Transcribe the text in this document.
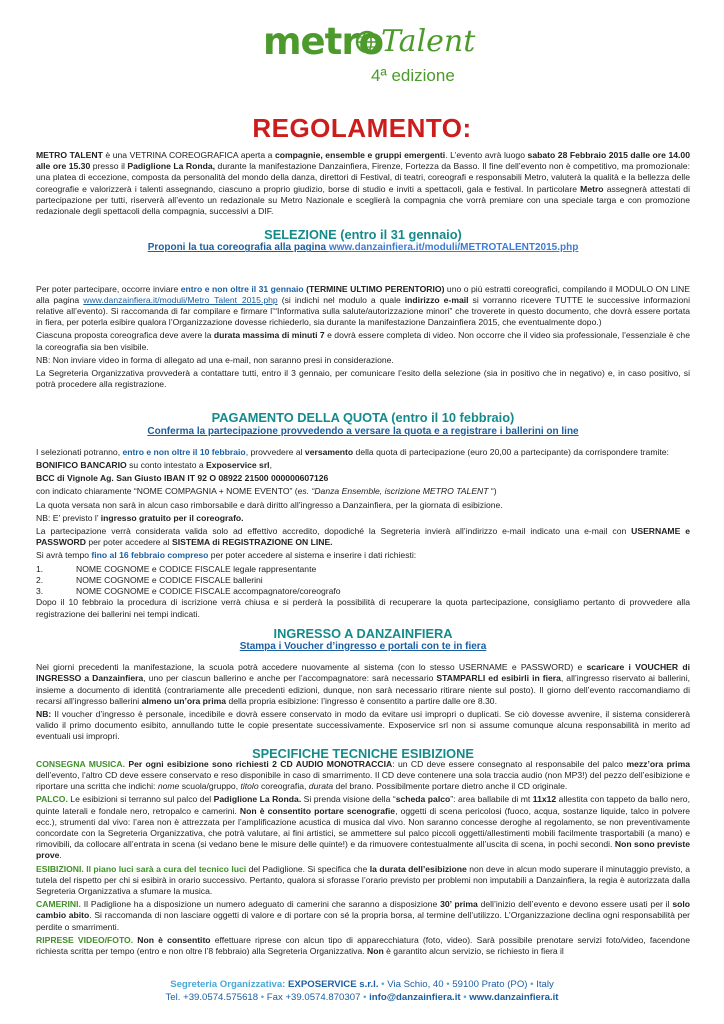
metro
Talent
4ª edizione
REGOLAMENTO:

METRO TALENT è una VETRINA COREOGRAFICA aperta a compagnie, ensemble e gruppi emergenti. L’evento avrà luogo sabato 28 Febbraio 2015 dalle ore 14.00 alle ore 15.30 presso il Padiglione La Ronda, durante la manifestazione Danzainfiera, Firenze, Fortezza da Basso. Il fine dell’evento non è competitivo, ma promozionale: una platea di eccezione, composta da personalità del mondo della danza, direttori di Festival, di teatri, coreografi e responsabili Metro, valuterà la qualità e la bellezza delle coreografie e valorizzerà i talenti assegnando, ciascuno a proprio giudizio, borse di studio e inviti a spettacoli, gala e festival. In particolare Metro assegnerà attestati di partecipazione per tutti, riserverà all’evento un redazionale su Metro Nazionale e sceglierà la compagnia che vorrà premiare con una speciale targa e con promozione redazionale degli spettacoli della compagnia, successivi a DIF.

SELEZIONE (entro il 31 gennaio)
Proponi la tua coreografia alla pagina www.danzainfiera.it/moduli/METROTALENT2015.php

Per poter partecipare, occorre inviare entro e non oltre il 31 gennaio (TERMINE ULTIMO PERENTORIO) uno o più estratti coreografici, compilando il MODULO ON LINE alla pagina www.danzainfiera.it/moduli/Metro_Talent_2015.php (si indichi nel modulo a quale indirizzo e-mail si vorranno ricevere TUTTE le successive informazioni relative all’evento). Si raccomanda di far compilare e firmare l’“Informativa sulla salute/autorizzazione minori” che troverete in questo documento, che dovrà essere portata in fiera, per poterla esibire qualora l’Organizzazione dovesse richiederlo, sia durante la manifestazione Danzainfiera 2015, che eventualmente dopo.)

Ciascuna proposta coreografica deve avere la durata massima di minuti 7 e dovrà essere completa di video. Non occorre che il video sia professionale, l’essenziale è che la coreografia sia ben visibile.

NB: Non inviare video in forma di allegato ad una e-mail, non saranno presi in considerazione.

La Segreteria Organizzativa provvederà a contattare tutti, entro il 3 gennaio, per comunicare l’esito della selezione (sia in positivo che in negativo) e, in caso positivo, si potrà procedere alla registrazione.

PAGAMENTO DELLA QUOTA (entro il 10 febbraio)
Conferma la partecipazione provvedendo a versare la quota e a registrare i ballerini on line

I selezionati potranno, entro e non oltre il 10 febbraio, provvedere al versamento della quota di partecipazione (euro 20,00 a partecipante) da corrispondere tramite:

BONIFICO BANCARIO su conto intestato a Exposervice srl,

BCC di Vignole Ag. San Giusto IBAN IT 92 O 08922 21500 000000607126

con indicato chiaramente “NOME COMPAGNIA + NOME EVENTO” (es. “Danza Ensemble, iscrizione METRO TALENT “)

La quota versata non sarà in alcun caso rimborsabile e darà diritto all’ingresso a Danzainfiera, per la giornata di esibizione.

NB: E’ previsto l’ ingresso gratuito per il coreografo.

La partecipazione verrà considerata valida solo ad effettivo accredito, dopodiché la Segreteria invierà all’indirizzo e-mail indicato una e-mail con USERNAME e PASSWORD per poter accedere al SISTEMA di REGISTRAZIONE ON LINE.

Si avrà tempo fino al 16 febbraio compreso per poter accedere al sistema e inserire i dati richiesti:

1.	NOME COGNOME e CODICE FISCALE legale rappresentante
2.	NOME COGNOME e CODICE FISCALE ballerini
3.	NOME COGNOME e CODICE FISCALE accompagnatore/coreografo

Dopo il 10 febbraio la procedura di iscrizione verrà chiusa e si perderà la possibilità di recuperare la quota partecipazione, consigliamo pertanto di provvedere alla registrazione dei ballerini nei tempi indicati.

INGRESSO A DANZAINFIERA
Stampa i Voucher d’ingresso e portali con te in fiera

Nei giorni precedenti la manifestazione, la scuola potrà accedere nuovamente al sistema (con lo stesso USERNAME e PASSWORD) e scaricare i VOUCHER di INGRESSO a Danzainfiera, uno per ciascun ballerino e anche per l’accompagnatore: sarà necessario STAMPARLI ed esibirli in fiera, all’ingresso riservato ai ballerini, insieme a documento di identità (contrariamente alle precedenti edizioni, dunque, non sarà necessario ritirare niente sul posto). Il giorno dell’evento raccomandiamo di recarsi all’ingresso ballerini almeno un’ora prima della propria esibizione: l’ingresso è consentito a partire dalle ore 8.30.

NB: Il voucher d’ingresso è personale, incedibile e dovrà essere conservato in modo da evitare usi impropri o duplicati. Se ciò dovesse avvenire, il sistema considererà valido il primo documento esibito, annullando tutte le copie presentate successivamente. Exposervice srl non si assume comunque alcuna responsabilità in merito ad eventuali usi impropri.

SPECIFICHE TECNICHE ESIBIZIONE

CONSEGNA MUSICA. Per ogni esibizione sono richiesti 2 CD AUDIO MONOTRACCIA: un CD deve essere consegnato al responsabile del palco mezz’ora prima dell’evento, l’altro CD deve essere conservato e reso disponibile in caso di smarrimento. Il CD deve contenere una sola traccia audio (non MP3!) del pezzo dell’esibizione e riportare una scritta che indichi: nome scuola/gruppo, titolo coreografia, durata del brano. Possibilmente portare dietro anche il CD originale.

PALCO. Le esibizioni si terranno sul palco del Padiglione La Ronda. Si prenda visione della “scheda palco”: area ballabile di mt 11x12 allestita con tappeto da ballo nero, quinte laterali e fondale nero, retropalco e camerini. Non è consentito portare scenografie, oggetti di scena pericolosi (fuoco, acqua, sostanze liquide, talco in polvere ecc.), strumenti dal vivo: l’area non è attrezzata per l’amplificazione acustica di musica dal vivo. Non saranno concesse deroghe al regolamento, se non preventivamente concordate con la Segreteria Organizzativa, che potrà valutare, ai fini artistici, se ammettere sul palco piccoli oggetti/allestimenti mobili facilmente trasportabili (a mano) e rimovibili, da collocare all’entrata in scena (si vedano bene le misure delle quinte!) e da rimuovere contestualmente all’uscita di scena, in pochi secondi. Non sono previste prove.

ESIBIZIONI. Il piano luci sarà a cura del tecnico luci del Padiglione. Si specifica che la durata dell’esibizione non deve in alcun modo superare il minutaggio previsto, a tutela del rispetto per chi si esibirà in orario successivo. Pertanto, qualora si sforasse l’orario previsto per problemi non imputabili a Danzainfiera, la regia è autorizzata dalla Segreteria Organizzativa a sfumare la musica.

CAMERINI. Il Padiglione ha a disposizione un numero adeguato di camerini che saranno a disposizione 30’ prima dell’inizio dell’evento e devono essere usati per il solo cambio abito. Si raccomanda di non lasciare oggetti di valore e di portare con sé la propria borsa, al termine dell’utilizzo. L’Organizzazione declina ogni responsabilità per perdite o smarrimenti.

RIPRESE VIDEO/FOTO. Non è consentito effettuare riprese con alcun tipo di apparecchiatura (foto, video). Sarà possibile prenotare servizi foto/video, facendone richiesta scritta per tempo (entro e non oltre l’8 febbraio) alla Segreteria Organizzativa. Non è garantito alcun servizio, se richiesto in fiera il

Segreteria Organizzativa: EXPOSERVICE s.r.l. • Via Schio, 40 • 59100 Prato (PO) • Italy
Tel. +39.0574.575618 • Fax +39.0574.870307 • info@danzainfiera.it • www.danzainfiera.it
